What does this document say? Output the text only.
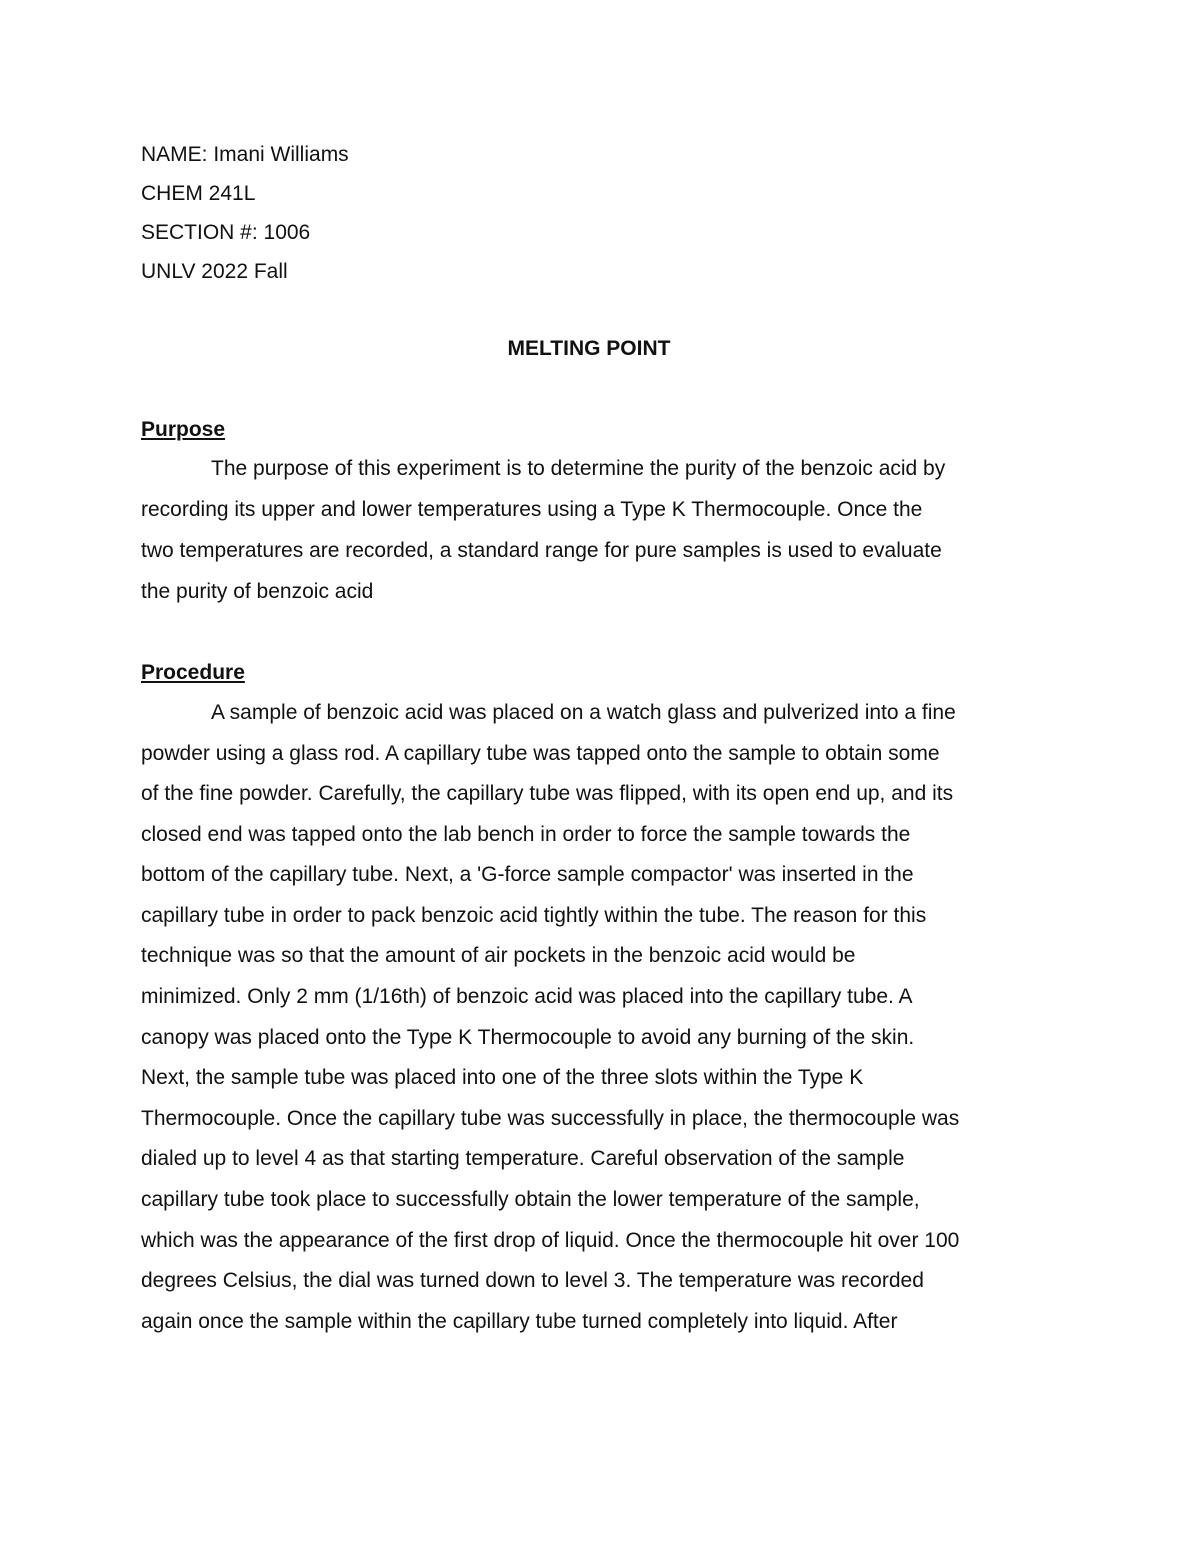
NAME: Imani Williams
CHEM 241L
SECTION #: 1006
UNLV 2022 Fall
MELTING POINT
Purpose
The purpose of this experiment is to determine the purity of the benzoic acid by
recording its upper and lower temperatures using a Type K Thermocouple. Once the
two temperatures are recorded, a standard range for pure samples is used to evaluate
the purity of benzoic acid
Procedure
A sample of benzoic acid was placed on a watch glass and pulverized into a fine
powder using a glass rod. A capillary tube was tapped onto the sample to obtain some
of the fine powder. Carefully, the capillary tube was flipped, with its open end up, and its
closed end was tapped onto the lab bench in order to force the sample towards the
bottom of the capillary tube. Next, a 'G-force sample compactor' was inserted in the
capillary tube in order to pack benzoic acid tightly within the tube. The reason for this
technique was so that the amount of air pockets in the benzoic acid would be
minimized. Only 2 mm (1/16th) of benzoic acid was placed into the capillary tube. A
canopy was placed onto the Type K Thermocouple to avoid any burning of the skin.
Next, the sample tube was placed into one of the three slots within the Type K
Thermocouple. Once the capillary tube was successfully in place, the thermocouple was
dialed up to level 4 as that starting temperature. Careful observation of the sample
capillary tube took place to successfully obtain the lower temperature of the sample,
which was the appearance of the first drop of liquid. Once the thermocouple hit over 100
degrees Celsius, the dial was turned down to level 3. The temperature was recorded
again once the sample within the capillary tube turned completely into liquid. After
